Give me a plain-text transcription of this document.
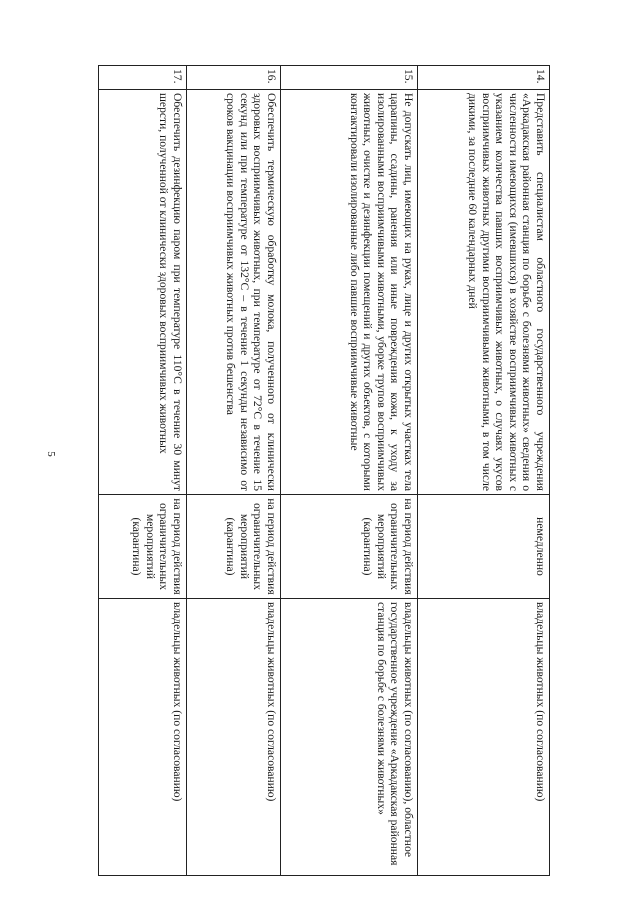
5
14.	Представить специалистам областного государственного учреждения «Аркадакская районная станция по борьбе с болезнями животных» сведения о численности имеющихся (имевшихся) в хозяйстве восприимчивых животных с указанием количества павших восприимчивых животных, о случаях укусов восприимчивых животных другими восприимчивыми животными, в том числе дикими, за последние 60 календарных дней	немедленно	владельцы животных (по согласованию)
15.	Не допускать лиц, имеющих на руках, лице и других открытых участках тела царапины, ссадины, ранения или иные повреждения кожи, к уходу за изолированными восприимчивыми животными, уборке трупов восприимчивых животных, очистке и дезинфекции помещений и других объектов, с которыми контактировали изолированные либо павшие восприимчивые животные	на период действия ограничительных мероприятий (карантина)	владельцы животных (по согласованию), областное государственное учреждение «Аркадакская районная станция по борьбе с болезнями животных»
16.	Обеспечить термическую обработку молока, полученного от клинически здоровых восприимчивых животных, при температуре от 72°С в течение 15 секунд или при температуре от 132°С – в течение 1 секунды независимо от сроков вакцинации восприимчивых животных против бешенства	на период действия ограничительных мероприятий (карантина)	владельцы животных (по согласованию)
17.	Обеспечить дезинфекцию паром при температуре 110°С в течение 30 минут шерсти, полученной от клинически здоровых восприимчивых животных	на период действия ограничительных мероприятий (карантина)	владельцы животных (по согласованию)
